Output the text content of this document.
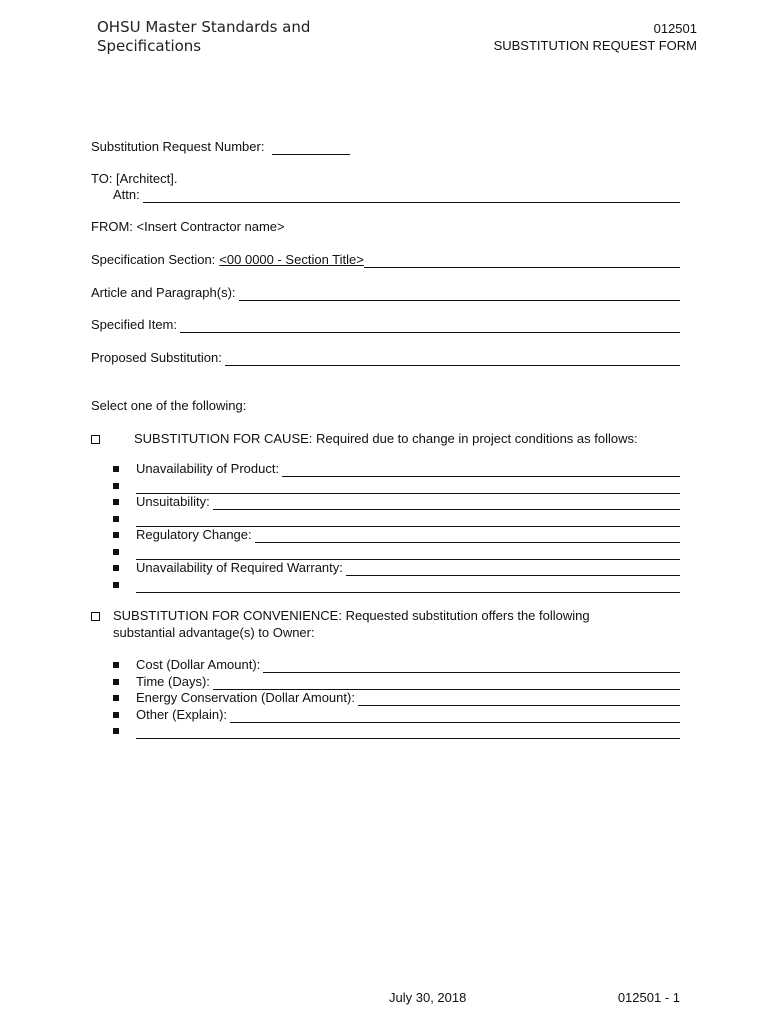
OHSU Master Standards and Specifications
012501
SUBSTITUTION REQUEST FORM
Substitution Request Number:
TO: [Architect].
Attn:
FROM: <Insert Contractor name>
Specification Section: <00 0000 - Section Title>
Article and Paragraph(s):
Specified Item:
Proposed Substitution:
Select one of the following:
SUBSTITUTION FOR CAUSE: Required due to change in project conditions as follows:
Unavailability of Product:
Unsuitability:
Regulatory Change:
Unavailability of Required Warranty:
SUBSTITUTION FOR CONVENIENCE: Requested substitution offers the following
substantial advantage(s) to Owner:
Cost (Dollar Amount):
Time (Days):
Energy Conservation (Dollar Amount):
Other (Explain):
July 30, 2018	012501 - 1
